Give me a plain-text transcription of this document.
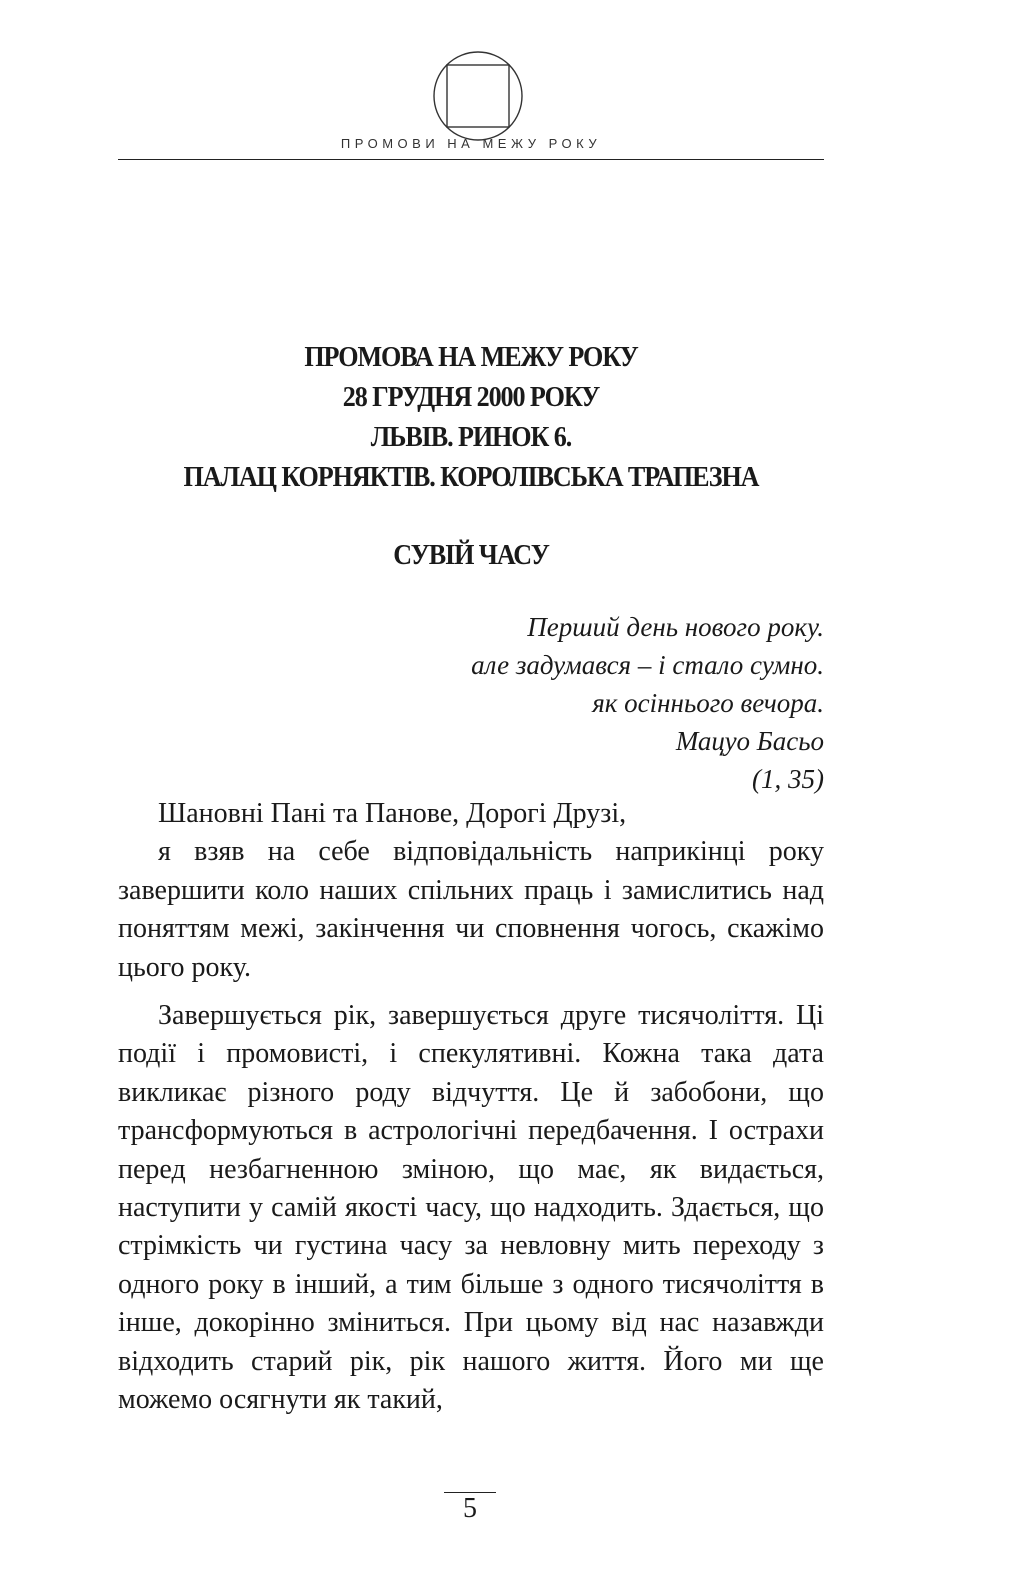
ПРОМОВИ НА МЕЖУ РОКУ
ПРОМОВА НА МЕЖУ РОКУ
28 ГРУДНЯ 2000 РОКУ
ЛЬВІВ. РИНОК 6.
ПАЛАЦ КОРНЯКТІВ. КОРОЛІВСЬКА ТРАПЕЗНА
СУВІЙ ЧАСУ
Перший день нового року.
але задумався – і стало сумно.
як осіннього вечора.
Мацуо Басьо
(1, 35)

Шановні Пані та Панове, Дорогі Друзі,

я взяв на себе відповідальність наприкінці року завершити коло наших спільних праць і замислитись над поняттям межі, закінчення чи сповнення чогось, скажімо цього року.

Завершується рік, завершується друге тисячоліття. Ці події і промовисті, і спекулятивні. Кожна така дата викликає різного роду відчуття. Це й забобони, що трансформуються в астрологічні передбачення. І острахи перед незбагненною зміною, що має, як видається, наступити у самій якості часу, що надходить. Здається, що стрімкість чи густина часу за невловну мить переходу з одного року в інший, а тим більше з одного тисячоліття в інше, докорінно зміниться. При цьому від нас назавжди відходить старий рік, рік нашого життя. Його ми ще можемо осягнути як такий,

5
